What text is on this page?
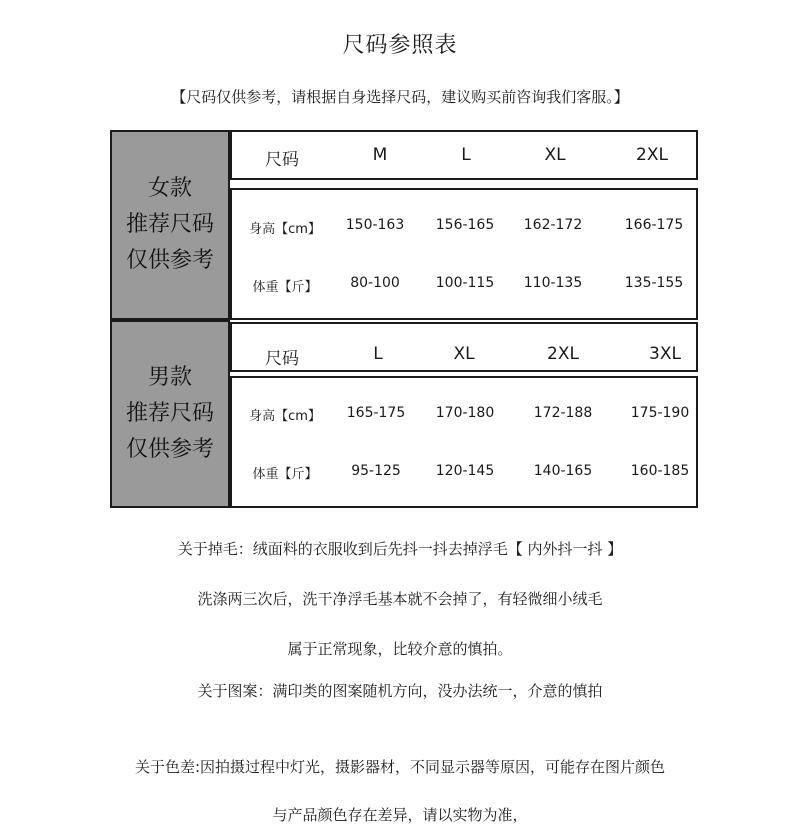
尺码参照表
【尺码仅供参考，请根据自身选择尺码，建议购买前咨询我们客服。】
女款
推荐尺码
仅供参考
尺码	M	L	XL	2XL
身高【cm】 150-163 156-165 162-172	166-175
体重【斤】 80-100	100-115 110-135	135-155
男款
推荐尺码
仅供参考
尺码	L	XL	2XL	3XL
身高【cm】 165-175 170-180	172-188	175-190
体重【斤】 95-125 120-145	140-165	160-185
关于掉毛：绒面料的衣服收到后先抖一抖去掉浮毛【 内外抖一抖 】
洗涤两三次后，洗干净浮毛基本就不会掉了，有轻微细小绒毛
属于正常现象，比较介意的慎拍。
关于图案：满印类的图案随机方向，没办法统一，介意的慎拍
关于色差:因拍摄过程中灯光，摄影器材，不同显示器等原因，可能存在图片颜色
与产品颜色存在差异，请以实物为准，
